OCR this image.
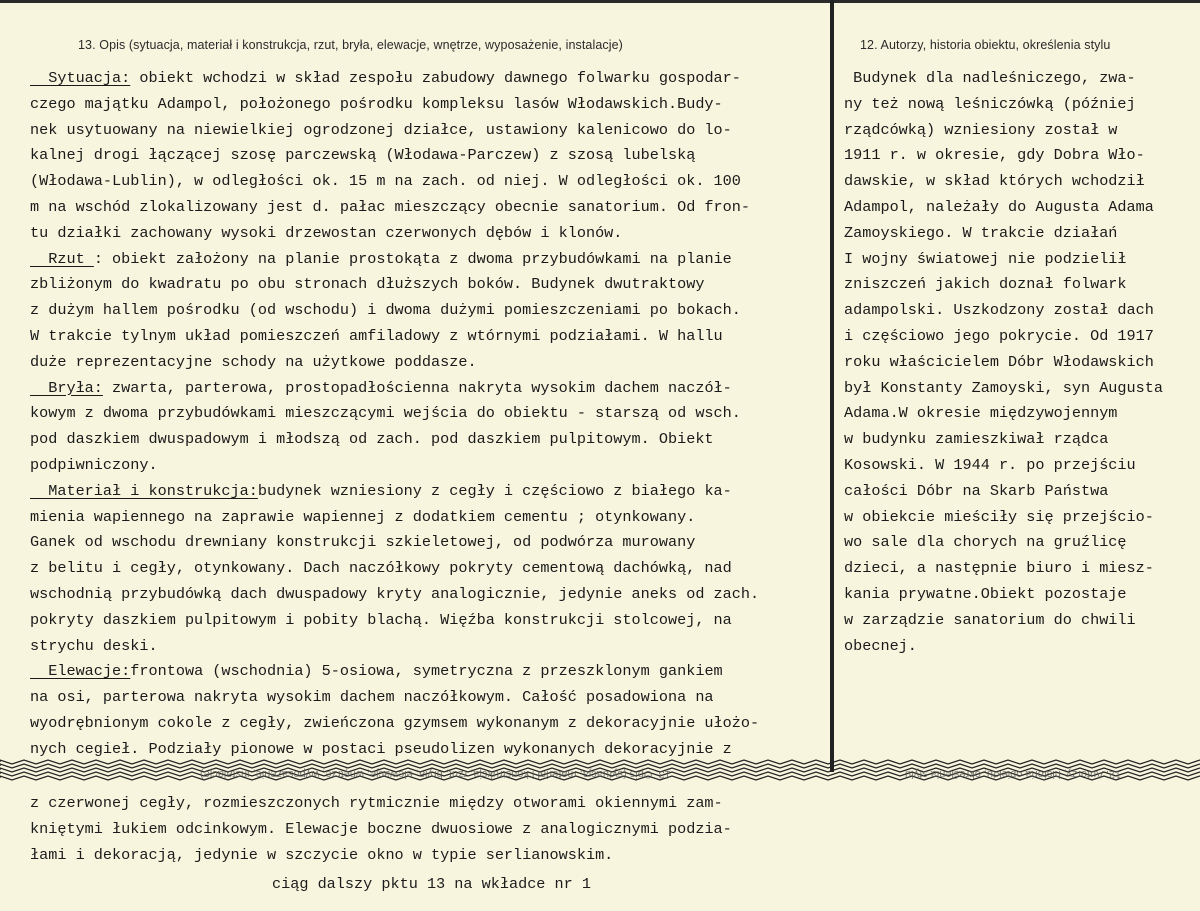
13. Opis (sytuacja, materiał i konstrukcja, rzut, bryła, elewacje, wnętrze, wyposażenie, instalacje)	12. Autorzy, historia obiektu, określenia stylu
Sytuacja: obiekt wchodzi w skład zespołu zabudowy dawnego folwarku gospodar-
czego majątku Adampol, położonego pośrodku kompleksu lasów Włodawskich.Budy-
nek usytuowany na niewielkiej ogrodzonej działce, ustawiony kalenicowo do lo-
kalnej drogi łączącej szosę parczewską (Włodawa-Parczew) z szosą lubelską
(Włodawa-Lublin), w odległości ok. 15 m na zach. od niej. W odległości ok. 100
m na wschód zlokalizowany jest d. pałac mieszczący obecnie sanatorium. Od fron-
tu działki zachowany wysoki drzewostan czerwonych dębów i klonów.
Rzut : obiekt założony na planie prostokąta z dwoma przybudówkami na planie
zbliżonym do kwadratu po obu stronach dłuższych boków. Budynek dwutraktowy
z dużym hallem pośrodku (od wschodu) i dwoma dużymi pomieszczeniami po bokach.
W trakcie tylnym układ pomieszczeń amfiladowy z wtórnymi podziałami. W hallu
duże reprezentacyjne schody na użytkowe poddasze.
Bryła: zwarta, parterowa, prostopadłościenna nakryta wysokim dachem naczół-
kowym z dwoma przybudówkami mieszczącymi wejścia do obiektu - starszą od wsch.
pod daszkiem dwuspadowym i młodszą od zach. pod daszkiem pulpitowym. Obiekt
podpiwniczony.
Materiał i konstrukcja:budynek wzniesiony z cegły i częściowo z białego ka-
mienia wapiennego na zaprawie wapiennej z dodatkiem cementu ; otynkowany.
Ganek od wschodu drewniany konstrukcji szkieletowej, od podwórza murowany
z belitu i cegły, otynkowany. Dach naczółkowy pokryty cementową dachówką, nad
wschodnią przybudówką dach dwuspadowy kryty analogicznie, jedynie aneks od zach.
pokryty daszkiem pulpitowym i pobity blachą. Więźba konstrukcji stolcowej, na
strychu deski.
Elewacje:frontowa (wschodnia) 5-osiowa, symetryczna z przeszklonym gankiem
na osi, parterowa nakryta wysokim dachem naczółkowym. Całość posadowiona na
wyodrębnionym cokole z cegły, zwieńczona gzymsem wykonanym z dekoracyjnie ułożo-
nych cegieł. Podziały pionowe w postaci pseudolizen wykonanych dekoracyjnie z
Budynek dla nadleśniczego, zwa-
ny też nową leśniczówką (później
rządcówką) wzniesiony został w
1911 r. w okresie, gdy Dobra Wło-
dawskie, w skład których wchodził
Adampol, należały do Augusta Adama
Zamoyskiego. W trakcie działań
I wojny światowej nie podzielił
zniszczeń jakich doznał folwark
adampolski. Uszkodzony został dach
i częściowo jego pokrycie. Od 1917
roku właścicielem Dóbr Włodawskich
był Konstanty Zamoyski, syn Augusta
Adama.W okresie międzywojennym
w budynku zamieszkiwał rządca
Kosowski. W 1944 r. po przejściu
całości Dóbr na Skarb Państwa
w obiekcie mieściły się przejścio-
wo sale dla chorych na gruźlicę
dzieci, a następnie biuro i miesz-
kania prywatne.Obiekt pozostaje
w zarządzie sanatorium do chwili
obecnej.
13. Opis (sytuacja, materiał i konstrukcja, rzut, bryła, elewacje, wnętrze, wyposażenie, instalacje)	12. Autorzy, historia obiektu, określenia stylu
z czerwonej cegły, rozmieszczonych rytmicznie między otworami okiennymi zam-
kniętymi łukiem odcinkowym. Elewacje boczne dwuosiowe z analogicznymi podzia-
łami i dekoracją, jedynie w szczycie okno w typie serlianowskim.
ciąg dalszy pktu 13 na wkładce nr 1
